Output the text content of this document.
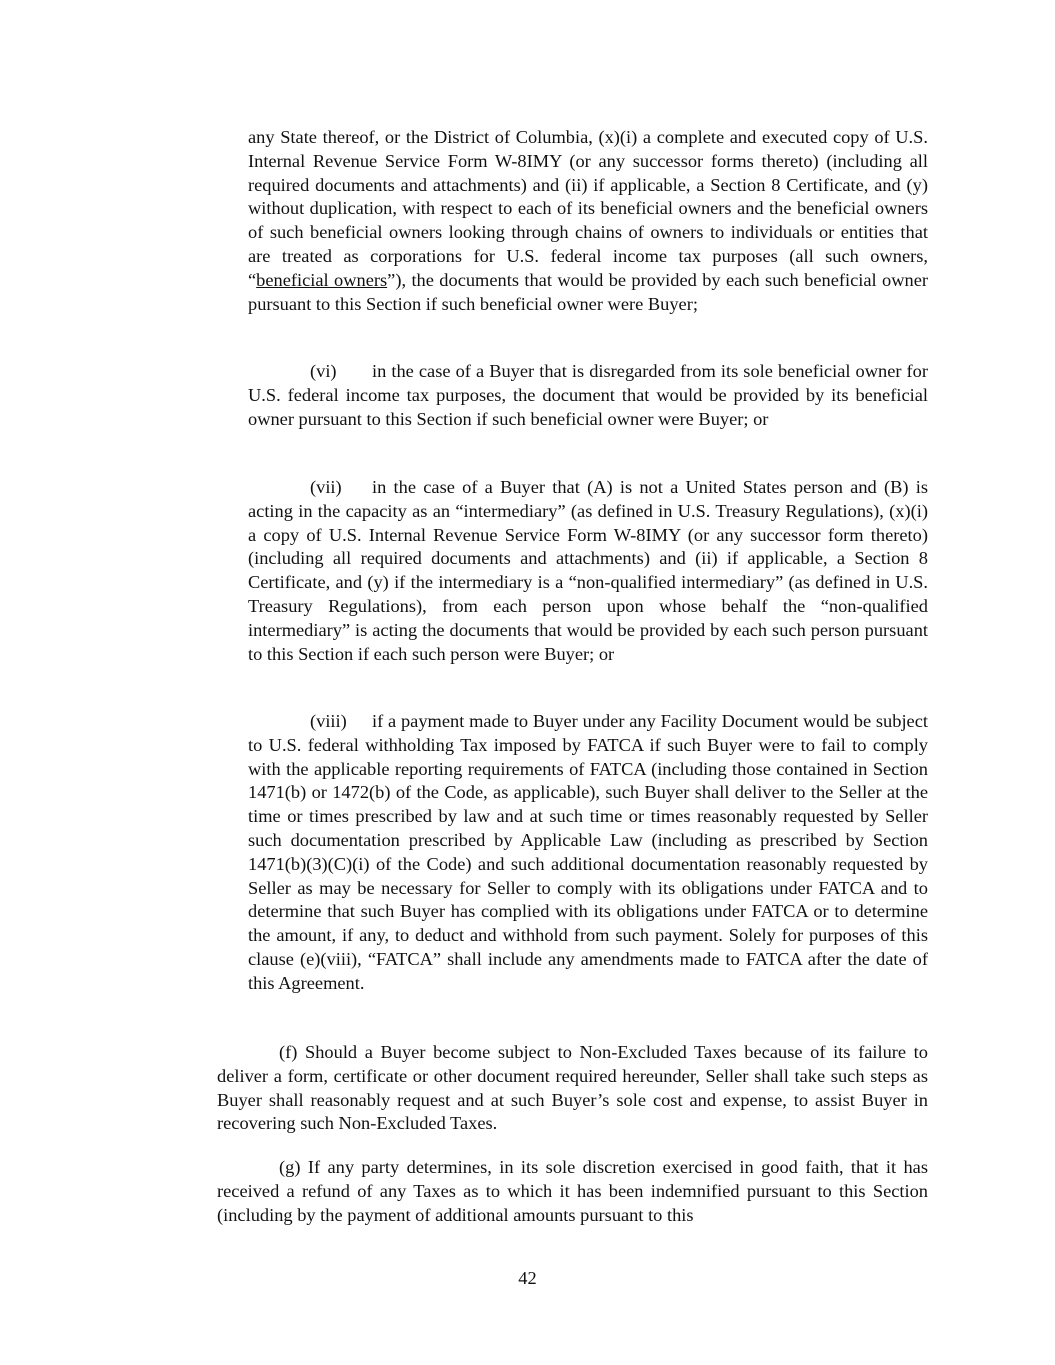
any State thereof, or the District of Columbia, (x)(i) a complete and executed copy of U.S. Internal Revenue Service Form W-8IMY (or any successor forms thereto) (including all required documents and attachments) and (ii) if applicable, a Section 8 Certificate, and (y) without duplication, with respect to each of its beneficial owners and the beneficial owners of such beneficial owners looking through chains of owners to individuals or entities that are treated as corporations for U.S. federal income tax purposes (all such owners, “beneficial owners”), the documents that would be provided by each such beneficial owner pursuant to this Section if such beneficial owner were Buyer;

(vi) in the case of a Buyer that is disregarded from its sole beneficial owner for U.S. federal income tax purposes, the document that would be provided by its beneficial owner pursuant to this Section if such beneficial owner were Buyer; or

(vii) in the case of a Buyer that (A) is not a United States person and (B) is acting in the capacity as an “intermediary” (as defined in U.S. Treasury Regulations), (x)(i) a copy of U.S. Internal Revenue Service Form W-8IMY (or any successor form thereto) (including all required documents and attachments) and (ii) if applicable, a Section 8 Certificate, and (y) if the intermediary is a “non-qualified intermediary” (as defined in U.S. Treasury Regulations), from each person upon whose behalf the “non-qualified intermediary” is acting the documents that would be provided by each such person pursuant to this Section if each such person were Buyer; or

(viii) if a payment made to Buyer under any Facility Document would be subject to U.S. federal withholding Tax imposed by FATCA if such Buyer were to fail to comply with the applicable reporting requirements of FATCA (including those contained in Section 1471(b) or 1472(b) of the Code, as applicable), such Buyer shall deliver to the Seller at the time or times prescribed by law and at such time or times reasonably requested by Seller such documentation prescribed by Applicable Law (including as prescribed by Section 1471(b)(3)(C)(i) of the Code) and such additional documentation reasonably requested by Seller as may be necessary for Seller to comply with its obligations under FATCA and to determine that such Buyer has complied with its obligations under FATCA or to determine the amount, if any, to deduct and withhold from such payment. Solely for purposes of this clause (e)(viii), “FATCA” shall include any amendments made to FATCA after the date of this Agreement.

(f) Should a Buyer become subject to Non-Excluded Taxes because of its failure to deliver a form, certificate or other document required hereunder, Seller shall take such steps as Buyer shall reasonably request and at such Buyer’s sole cost and expense, to assist Buyer in recovering such Non-Excluded Taxes.

(g) If any party determines, in its sole discretion exercised in good faith, that it has received a refund of any Taxes as to which it has been indemnified pursuant to this Section (including by the payment of additional amounts pursuant to this

42
